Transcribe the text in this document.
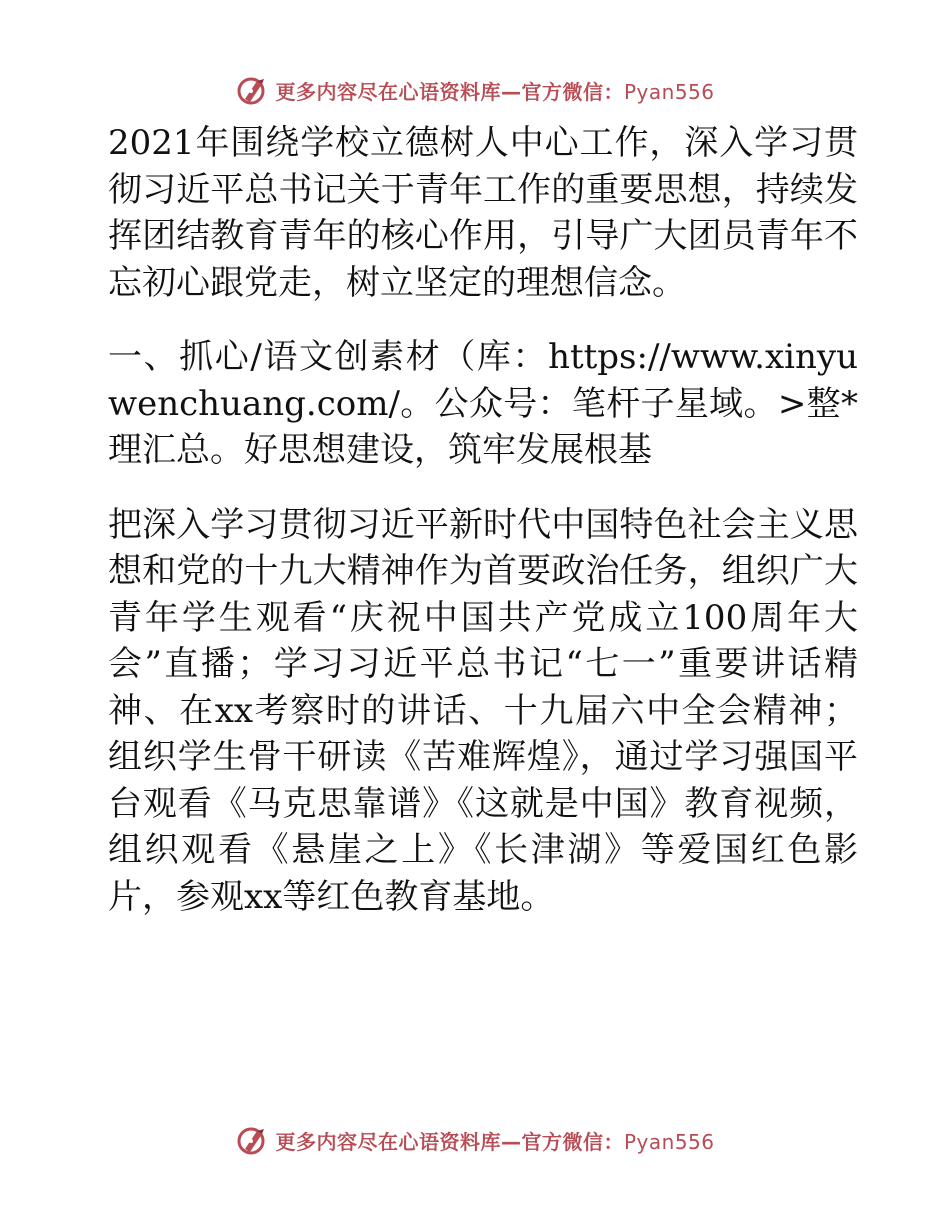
更多内容尽在心语资料库—官方微信：Pyan556

2021年围绕学校立德树人中心工作，深入学习贯彻习近平总书记关于青年工作的重要思想，持续发挥团结教育青年的核心作用，引导广大团员青年不忘初心跟党走，树立坚定的理想信念。

一、抓心/语文创素材（库：https://www.xinyuwenchuang.com/。公众号：笔杆子星域。>整*理汇总。好思想建设，筑牢发展根基

把深入学习贯彻习近平新时代中国特色社会主义思想和党的十九大精神作为首要政治任务，组织广大青年学生观看“庆祝中国共产党成立100周年大会”直播；学习习近平总书记“七一”重要讲话精神、在xx考察时的讲话、十九届六中全会精神；组织学生骨干研读《苦难辉煌》，通过学习强国平台观看《马克思靠谱》《这就是中国》教育视频，组织观看《悬崖之上》《长津湖》等爱国红色影片，参观xx等红色教育基地。

更多内容尽在心语资料库—官方微信：Pyan556
